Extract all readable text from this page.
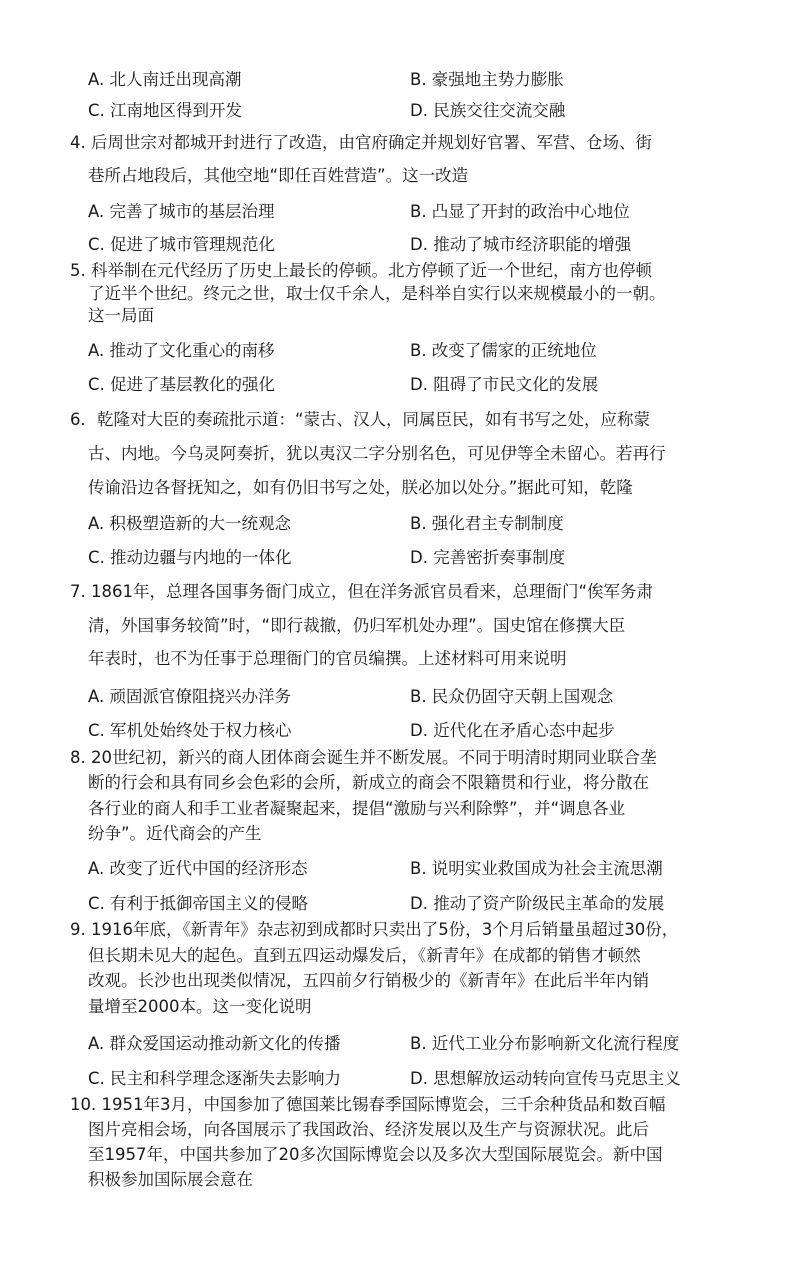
A. 北人南迁出现高潮	B. 豪强地主势力膨胀
C. 江南地区得到开发	D. 民族交往交流交融
4. 后周世宗对都城开封进行了改造，由官府确定并规划好官署、军营、仓场、街
巷所占地段后，其他空地“即任百姓营造”。这一改造
A. 完善了城市的基层治理	B. 凸显了开封的政治中心地位
C. 促进了城市管理规范化	D. 推动了城市经济职能的增强
5. 科举制在元代经历了历史上最长的停顿。北方停顿了近一个世纪，南方也停顿
了近半个世纪。终元之世，取士仅千余人，是科举自实行以来规模最小的一朝。
这一局面
A. 推动了文化重心的南移	B. 改变了儒家的正统地位
C. 促进了基层教化的强化	D. 阻碍了市民文化的发展
6．乾隆对大臣的奏疏批示道：“蒙古、汉人，同属臣民，如有书写之处，应称蒙
古、内地。今乌灵阿奏折，犹以夷汉二字分别名色，可见伊等全未留心。若再行
传谕沿边各督抚知之，如有仍旧书写之处，朕必加以处分。”据此可知，乾隆
A. 积极塑造新的大一统观念	B. 强化君主专制制度
C. 推动边疆与内地的一体化	D. 完善密折奏事制度
7. 1861年，总理各国事务衙门成立，但在洋务派官员看来，总理衙门“俟军务肃
清，外国事务较简”时，“即行裁撤，仍归军机处办理”。国史馆在修撰大臣
年表时，也不为任事于总理衙门的官员编撰。上述材料可用来说明
A. 顽固派官僚阻挠兴办洋务	B. 民众仍固守天朝上国观念
C. 军机处始终处于权力核心	D. 近代化在矛盾心态中起步
8. 20世纪初，新兴的商人团体商会诞生并不断发展。不同于明清时期同业联合垄
断的行会和具有同乡会色彩的会所，新成立的商会不限籍贯和行业，将分散在
各行业的商人和手工业者凝聚起来，提倡“激励与兴利除弊”，并“调息各业
纷争”。近代商会的产生
A. 改变了近代中国的经济形态	B. 说明实业救国成为社会主流思潮
C. 有利于抵御帝国主义的侵略	D. 推动了资产阶级民主革命的发展
9. 1916年底，《新青年》杂志初到成都时只卖出了5份，3个月后销量虽超过30份，
但长期未见大的起色。直到五四运动爆发后，《新青年》在成都的销售才顿然
改观。长沙也出现类似情况，五四前夕行销极少的《新青年》在此后半年内销
量增至2000本。这一变化说明
A. 群众爱国运动推动新文化的传播	B. 近代工业分布影响新文化流行程度
C. 民主和科学理念逐渐失去影响力	D. 思想解放运动转向宣传马克思主义
10. 1951年3月，中国参加了德国莱比锡春季国际博览会，三千余种货品和数百幅
图片亮相会场，向各国展示了我国政治、经济发展以及生产与资源状况。此后
至1957年，中国共参加了20多次国际博览会以及多次大型国际展览会。新中国
积极参加国际展会意在
